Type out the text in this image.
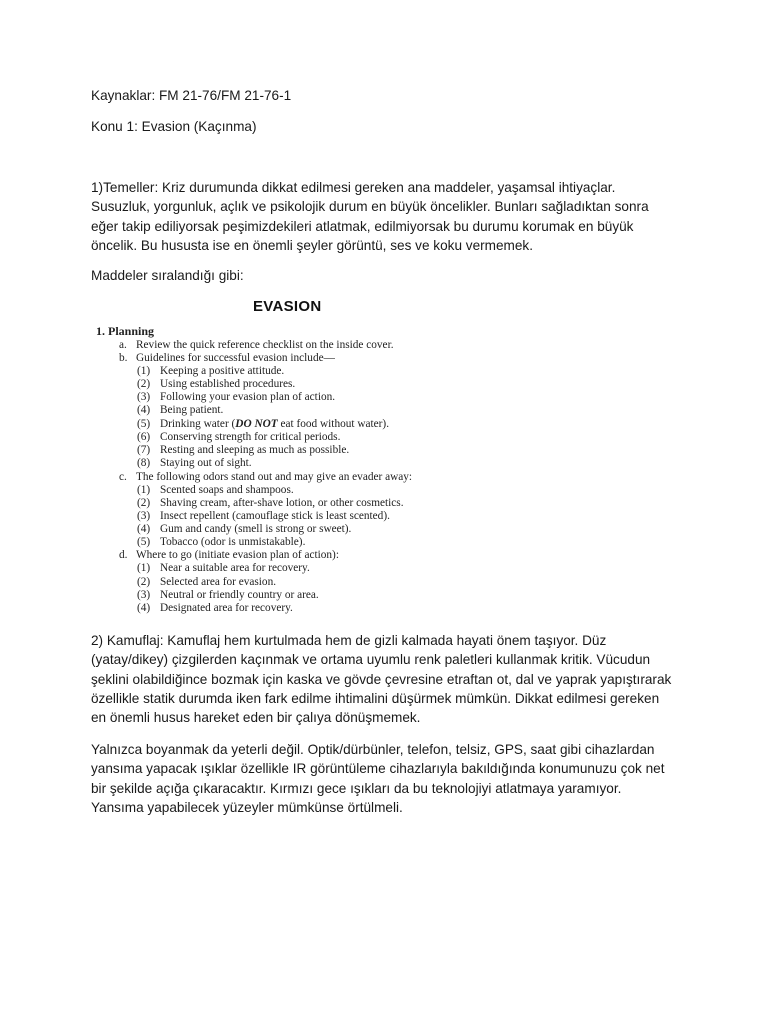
Kaynaklar: FM 21-76/FM 21-76-1

Konu 1: Evasion (Kaçınma)

1)Temeller: Kriz durumunda dikkat edilmesi gereken ana maddeler, yaşamsal ihtiyaçlar. Susuzluk, yorgunluk, açlık ve psikolojik durum en büyük öncelikler. Bunları sağladıktan sonra eğer takip ediliyorsak peşimizdekileri atlatmak, edilmiyorsak bu durumu korumak en büyük öncelik. Bu hususta ise en önemli şeyler görüntü, ses ve koku vermemek.

Maddeler sıralandığı gibi:

EVASION

1. Planning

a. Review the quick reference checklist on the inside cover.

b. Guidelines for successful evasion include—

(1) Keeping a positive attitude.

(2) Using established procedures.

(3) Following your evasion plan of action.

(4) Being patient.

(5) Drinking water (DO NOT eat food without water).

(6) Conserving strength for critical periods.

(7) Resting and sleeping as much as possible.

(8) Staying out of sight.

c. The following odors stand out and may give an evader away:

(1) Scented soaps and shampoos.

(2) Shaving cream, after-shave lotion, or other cosmetics.

(3) Insect repellent (camouflage stick is least scented).

(4) Gum and candy (smell is strong or sweet).

(5) Tobacco (odor is unmistakable).

d. Where to go (initiate evasion plan of action):

(1) Near a suitable area for recovery.

(2) Selected area for evasion.

(3) Neutral or friendly country or area.

(4) Designated area for recovery.

2) Kamuflaj: Kamuflaj hem kurtulmada hem de gizli kalmada hayati önem taşıyor. Düz (yatay/dikey) çizgilerden kaçınmak ve ortama uyumlu renk paletleri kullanmak kritik. Vücudun şeklini olabildiğince bozmak için kaska ve gövde çevresine etraftan ot, dal ve yaprak yapıştırarak özellikle statik durumda iken fark edilme ihtimalini düşürmek mümkün. Dikkat edilmesi gereken en önemli husus hareket eden bir çalıya dönüşmemek.

Yalnızca boyanmak da yeterli değil. Optik/dürbünler, telefon, telsiz, GPS, saat gibi cihazlardan yansıma yapacak ışıklar özellikle IR görüntüleme cihazlarıyla bakıldığında konumunuzu çok net bir şekilde açığa çıkaracaktır. Kırmızı gece ışıkları da bu teknolojiyi atlatmaya yaramıyor. Yansıma yapabilecek yüzeyler mümkünse örtülmeli.
